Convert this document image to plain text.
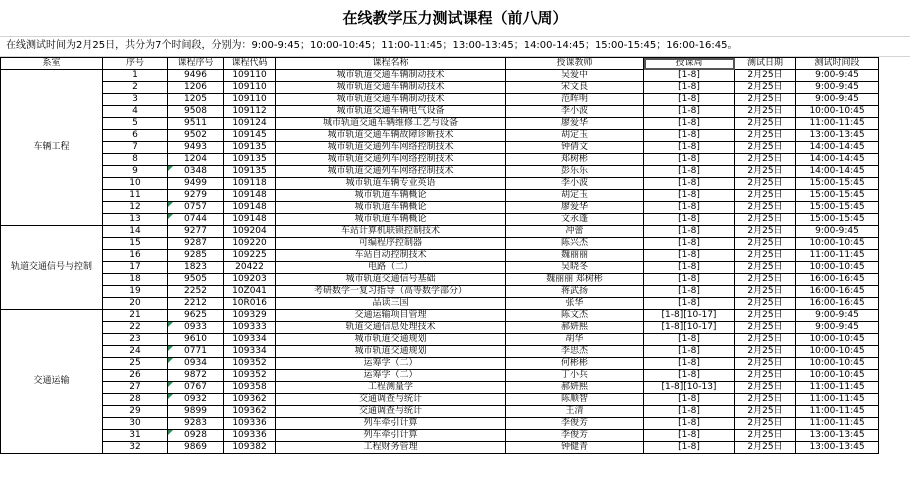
在线教学压力测试课程（前八周）
在线测试时间为2月25日，共分为7个时间段，分别为：9:00-9:45；10:00-10:45；11:00-11:45；13:00-13:45；14:00-14:45；15:00-15:45；16:00-16:45。
系室	序号	课程序号	课程代码	课程名称	授课教师	授课周	测试日期	测试时间段
车辆工程	1	9496	109110	城市轨道交通车辆制动技术	吴爱中	[1-8]	2月25日	9:00-9:45
	2	1206	109110	城市轨道交通车辆制动技术	宋文良	[1-8]	2月25日	9:00-9:45
	3	1205	109110	城市轨道交通车辆制动技术	范晖明	[1-8]	2月25日	9:00-9:45
	4	9508	109112	城市轨道交通车辆电气设备	李小波	[1-8]	2月25日	10:00-10:45
	5	9511	109124	城市轨道交通车辆维修工艺与设备	廖爱华	[1-8]	2月25日	11:00-11:45
	6	9502	109145	城市轨道交通车辆故障诊断技术	胡定玉	[1-8]	2月25日	13:00-13:45
	7	9493	109135	城市轨道交通列车网络控制技术	钟倩文	[1-8]	2月25日	14:00-14:45
	8	1204	109135	城市轨道交通列车网络控制技术	郑树彬	[1-8]	2月25日	14:00-14:45
	9	0348	109135	城市轨道交通列车网络控制技术	彭乐乐	[1-8]	2月25日	14:00-14:45
	10	9499	109118	城市轨道车辆专业英语	李小波	[1-8]	2月25日	15:00-15:45
	11	9279	109148	城市轨道车辆概论	胡定玉	[1-8]	2月25日	15:00-15:45
	12	0757	109148	城市轨道车辆概论	廖爱华	[1-8]	2月25日	15:00-15:45
	13	0744	109148	城市轨道车辆概论	文永蓬	[1-8]	2月25日	15:00-15:45
轨道交通信号与控制	14	9277	109204	车站计算机联锁控制技术	冲蕾	[1-8]	2月25日	9:00-9:45
	15	9287	109220	可编程序控制器	陈兴杰	[1-8]	2月25日	10:00-10:45
	16	9285	109225	车站自动控制技术	魏丽丽	[1-8]	2月25日	11:00-11:45
	17	1823	20422	电路（二）	吴晓冬	[1-8]	2月25日	10:00-10:45
	18	9505	109203	城市轨道交通信号基础	魏丽丽 郑树彬	[1-8]	2月25日	16:00-16:45
	19	2252	10Z041	考研数学一复习指导（高等数学部分）	蒋武扬	[1-8]	2月25日	16:00-16:45
	20	2212	10R016	品读三国	张华	[1-8]	2月25日	16:00-16:45
交通运输	21	9625	109329	交通运输项目管理	陈文杰	[1-8][10-17]	2月25日	9:00-9:45
	22	0933	109333	轨道交通信息处理技术	郝妍熙	[1-8][10-17]	2月25日	9:00-9:45
	23	9610	109334	城市轨道交通规划	胡华	[1-8]	2月25日	10:00-10:45
	24	0771	109334	城市轨道交通规划	李思杰	[1-8]	2月25日	10:00-10:45
	25	0934	109352	运筹学（二）	何彬彬	[1-8]	2月25日	10:00-10:45
	26	9872	109352	运筹学（二）	丁小兵	[1-8]	2月25日	10:00-10:45
	27	0767	109358	工程测量学	郝妍熙	[1-8][10-13]	2月25日	11:00-11:45
	28	0932	109362	交通调查与统计	陈顺智	[1-8]	2月25日	11:00-11:45
	29	9899	109362	交通调查与统计	王清	[1-8]	2月25日	11:00-11:45
	30	9283	109336	列车牵引计算	李俊芳	[1-8]	2月25日	11:00-11:45
	31	0928	109336	列车牵引计算	李俊芳	[1-8]	2月25日	13:00-13:45
	32	9869	109382	工程财务管理	钟健青	[1-8]	2月25日	13:00-13:45
